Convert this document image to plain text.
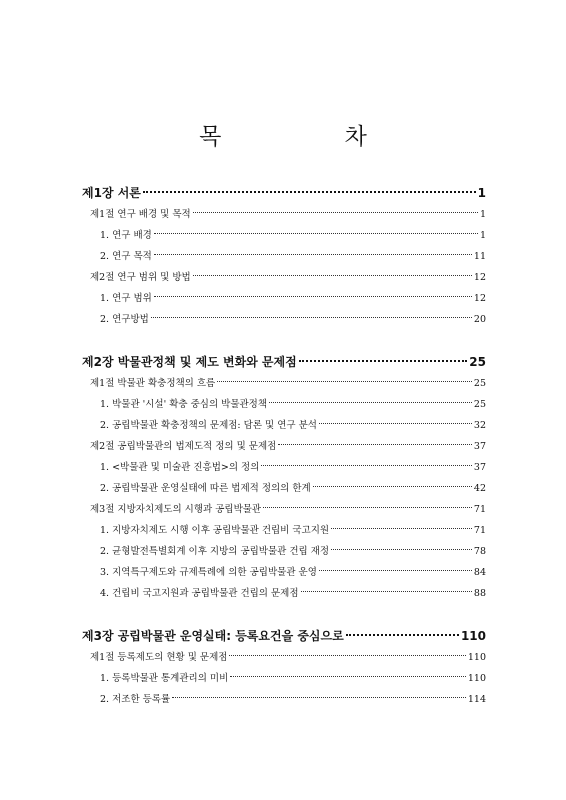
목 차
제1장 서론	1
제1절 연구 배경 및 목적	1
1. 연구 배경	1
2. 연구 목적	11
제2절 연구 범위 및 방법	12
1. 연구 범위	12
2. 연구방법	20
제2장 박물관정책 및 제도 변화와 문제점	25
제1절 박물관 확충정책의 흐름	25
1. 박물관 '시설' 확충 중심의 박물관정책	25
2. 공립박물관 확충정책의 문제점: 담론 및 연구 분석	32
제2절 공립박물관의 법제도적 정의 및 문제점	37
1. <박물관 및 미술관 진흥법>의 정의	37
2. 공립박물관 운영실태에 따른 법제적 정의의 한계	42
제3절 지방자치제도의 시행과 공립박물관	71
1. 지방자치제도 시행 이후 공립박물관 건립비 국고지원	71
2. 균형발전특별회계 이후 지방의 공립박물관 건립 재정	78
3. 지역특구제도와 규제특례에 의한 공립박물관 운영	84
4. 건립비 국고지원과 공립박물관 건립의 문제점	88
제3장 공립박물관 운영실태: 등록요건을 중심으로	110
제1절 등록제도의 현황 및 문제점	110
1. 등록박물관 통계관리의 미비	110
2. 저조한 등록률	114
